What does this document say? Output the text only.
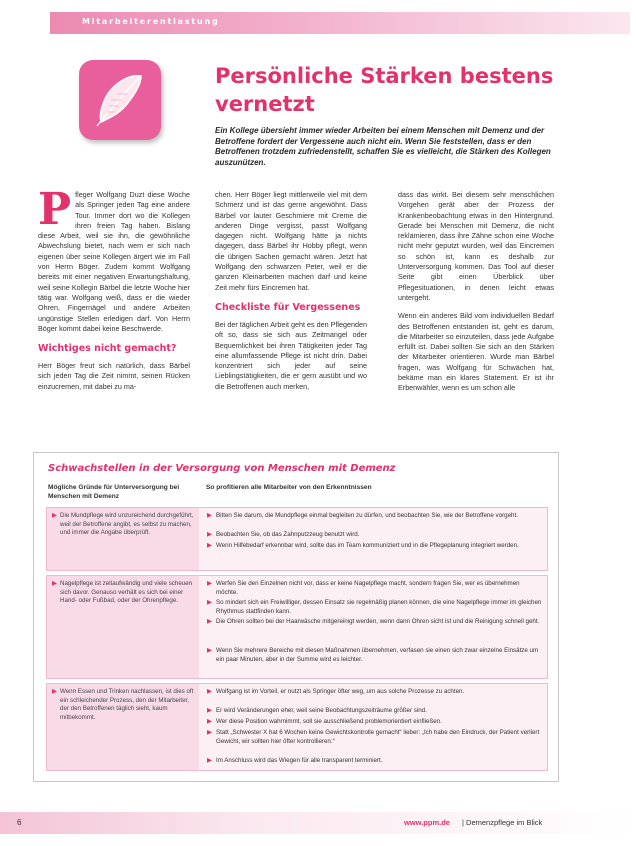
Mitarbeiterentlastung
Persönliche Stärken bestens
vernetzt
Ein Kollege übersieht immer wieder Arbeiten bei einem Menschen mit Demenz und der Betroffene fordert der Vergessene auch nicht ein. Wenn Sie feststellen, dass er den Betroffenen trotzdem zufriedenstellt, schaffen Sie es vielleicht, die Stärken des Kollegen auszunützen.

P fleger Wolfgang Duzt diese Woche als Springer jeden Tag eine andere Tour. Immer dort wo die Kollegen ihren freien Tag haben. Bislang diese Arbeit, weil sie ihn, die gewöhnliche Abwechslung bietet, nach wem er sich nach eigenen über seine Kollegen ärgert wie im Fall von Herrn Böger. Zudem kommt Wolfgang bereits mit einer negativen Erwartungshaltung, weil seine Kollegin Bärbel die letzte Woche hier tätig war. Wolfgang weiß, dass er die wieder Ohren, Fingernägel und andere Arbeiten ungünstige Stellen erledigen darf. Von Herrn Böger kommt dabei keine Beschwerde.

Wichtiges nicht gemacht?

Herr Böger freut sich natürlich, dass Bärbel sich jeden Tag die Zeit nimmt, seinen Rücken einzucremen, mit dabei zu ma-

chen. Herr Böger liegt mittlerweile viel mit dem Schmerz und ist das gerne angewöhnt. Dass Bärbel vor lauter Geschmiere mit Creme die anderen Dinge vergisst, passt Wolfgang dagegen nicht. Wolfgang hätte ja nichts dagegen, dass Bärbel ihr Hobby pflegt, wenn die übrigen Sachen gemacht wären. Jetzt hat Wolfgang den schwarzen Peter, weil er die ganzen Kleinarbeiten machen darf und keine Zeit mehr fürs Eincremen hat.

Checkliste für Vergessenes

Bei der täglichen Arbeit geht es den Pflegenden oft so, dass sie sich aus Zeitmangel oder Bequemlichkeit bei ihren Tätigkeiten jeder Tag eine allumfassende Pflege ist nicht drin. Dabei konzentriert sich jeder auf seine Lieblingstätigkeiten, die er gern ausübt und wo die Betroffenen auch merken,

dass das wirkt. Bei diesem sehr menschlichen Vorgehen gerät aber der Prozess der Krankenbeobachtung etwas in den Hintergrund. Gerade bei Menschen mit Demenz, die nicht reklamieren, dass ihre Zähne schon eine Woche nicht mehr geputzt wurden, weil das Eincremen so schön ist, kann es deshalb zur Unterversorgung kommen. Das Tool auf dieser Seite gibt einen Überblick über Pflegesituationen, in denen leicht etwas untergeht.

Wenn ein anderes Bild vom individuellen Bedarf des Betroffenen entstanden ist, geht es darum, die Mitarbeiter so einzuteilen, dass jede Aufgabe erfüllt ist. Dabei sollten Sie sich an den Stärken der Mitarbeiter orientieren. Wurde man Bärbel fragen, was Wolfgang für Schwächen hat, bekäme man ein klares Statement. Er ist ihr Erbenwähler, wenn es um schon alle

Schwachstellen in der Versorgung von Menschen mit Demenz
Mögliche Gründe für Unterversorgung bei Menschen mit Demenz
So profitieren alle Mitarbeiter von den Erkenntnissen
▶ Die Mundpflege wird unzureichend durchgeführt, weil der Betroffene angibt, es selbst zu machen, und immer die Angabe überprüft.
▶ Bitten Sie darum, die Mundpflege einmal begleiten zu dürfen, und beobachten Sie, wie der Betroffene vorgeht.
▶ Beobachten Sie, ob das Zahnputzzeug benutzt wird.
▶ Wenn Hilfebedarf erkennbar wird, sollte das im Team kommuniziert und in die Pflegeplanung integriert werden.
▶ Nagelpflege ist zeitaufwändig und viele scheuen sich davor. Genauso verhält es sich bei einer Hand- oder Fußbad, oder der Ohrenpflege.
▶ Werfen Sie den Einzelnen nicht vor, dass er keine Nagelpflege macht, sondern fragen Sie, wer es übernehmen möchte.
▶ So mindert sich ein Freiwilliger, dessen Einsatz sie regelmäßig planen können, die eine Nagelpflege immer im gleichen Rhythmus stattfinden kann.
▶ Die Ohren sollten bei der Haarwäsche mitgereinigt werden, wenn dann Ohren sicht ist und die Reinigung schnell geht.
▶ Wenn Sie mehrere Bereiche mit diesen Maßnahmen übernehmen, verfasen sie einen sich zwar einzelne Einsätze um ein paar Minuten, aber in der Summe wird es leichter.
▶ Wenn Essen und Trinken nachlassen, ist dies oft ein schleichender Prozess, den der Mitarbeiter, der den Betroffenen täglich sieht, kaum mitbekommt.
▶ Wolfgang ist im Vorteil, er nutzt als Springer öfter weg, um aus solche Prozesse zu achten.
▶ Er wird Veränderungen eher, weil seine Beobachtungszeiträume größer sind.
▶ Wer diese Position wahrnimmt, soll sie ausschließend problemorientiert einfließen.
▶ Statt „Schwester X hat 6 Wochen keine Gewichtskontrolle gemacht“ lieber: „Ich habe den Eindruck, der Patient verliert Gewicht, wir sollten hier öfter kontrollieren.“
▶ Im Anschluss wird das Wiegen für alle transparent terminiert.
6	www.ppm.de | Demenzpflege im Blick
